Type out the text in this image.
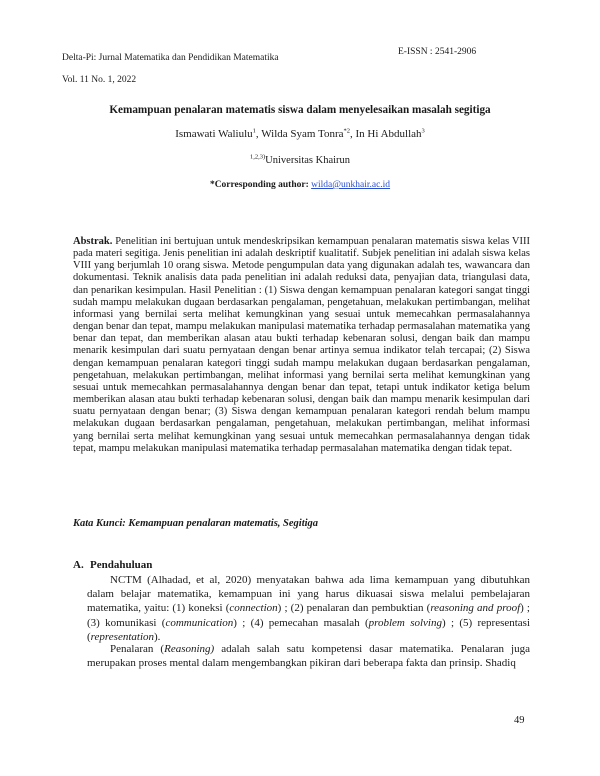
Delta-Pi: Jurnal Matematika dan Pendidikan Matematika
E-ISSN : 2541-2906
Vol. 11 No. 1, 2022
Kemampuan penalaran matematis siswa dalam menyelesaikan masalah segitiga
Ismawati Waliulu$^1$, Wilda Syam Tonra$^{*2}$, In Hi Abdullah$^3$
$^{1,2,3)}$Universitas Khairun
*Corresponding author: wilda@unkhair.ac.id
Abstrak. Penelitian ini bertujuan untuk mendeskripsikan kemampuan penalaran matematis siswa kelas VIII pada materi segitiga. Jenis penelitian ini adalah deskriptif kualitatif. Subjek penelitian ini adalah siswa kelas VIII yang berjumlah 10 orang siswa. Metode pengumpulan data yang digunakan adalah tes, wawancara dan dokumentasi. Teknik analisis data pada penelitian ini adalah reduksi data, penyajian data, triangulasi data, dan penarikan kesimpulan. Hasil Penelitian : (1) Siswa dengan kemampuan penalaran kategori sangat tinggi sudah mampu melakukan dugaan berdasarkan pengalaman, pengetahuan, melakukan pertimbangan, melihat informasi yang bernilai serta melihat kemungkinan yang sesuai untuk memecahkan permasalahannya dengan benar dan tepat, mampu melakukan manipulasi matematika terhadap permasalahan matematika yang benar dan tepat, dan memberikan alasan atau bukti terhadap kebenaran solusi, dengan baik dan mampu menarik kesimpulan dari suatu pernyataan dengan benar artinya semua indikator telah tercapai; (2) Siswa dengan kemampuan penalaran kategori tinggi sudah mampu melakukan dugaan berdasarkan pengalaman, pengetahuan, melakukan pertimbangan, melihat informasi yang bernilai serta melihat kemungkinan yang sesuai untuk memecahkan permasalahannya dengan benar dan tepat, tetapi untuk indikator ketiga belum memberikan alasan atau bukti terhadap kebenaran solusi, dengan baik dan mampu menarik kesimpulan dari suatu pernyataan dengan benar; (3) Siswa dengan kemampuan penalaran kategori rendah belum mampu melakukan dugaan berdasarkan pengalaman, pengetahuan, melakukan pertimbangan, melihat informasi yang bernilai serta melihat kemungkinan yang sesuai untuk memecahkan permasalahannya dengan tidak tepat, mampu melakukan manipulasi matematika terhadap permasalahan matematika dengan tidak tepat.
Kata Kunci: Kemampuan penalaran matematis, Segitiga
A. Pendahuluan
NCTM (Alhadad, et al, 2020) menyatakan bahwa ada lima kemampuan yang dibutuhkan dalam belajar matematika, kemampuan ini yang harus dikuasai siswa melalui pembelajaran matematika, yaitu: (1) koneksi (connection) ; (2) penalaran dan pembuktian (reasoning and proof) ; (3) komunikasi (communication) ; (4) pemecahan masalah (problem solving) ; (5) representasi (representation).
Penalaran (Reasoning) adalah salah satu kompetensi dasar matematika. Penalaran juga merupakan proses mental dalam mengembangkan pikiran dari beberapa fakta dan prinsip. Shadiq
49
